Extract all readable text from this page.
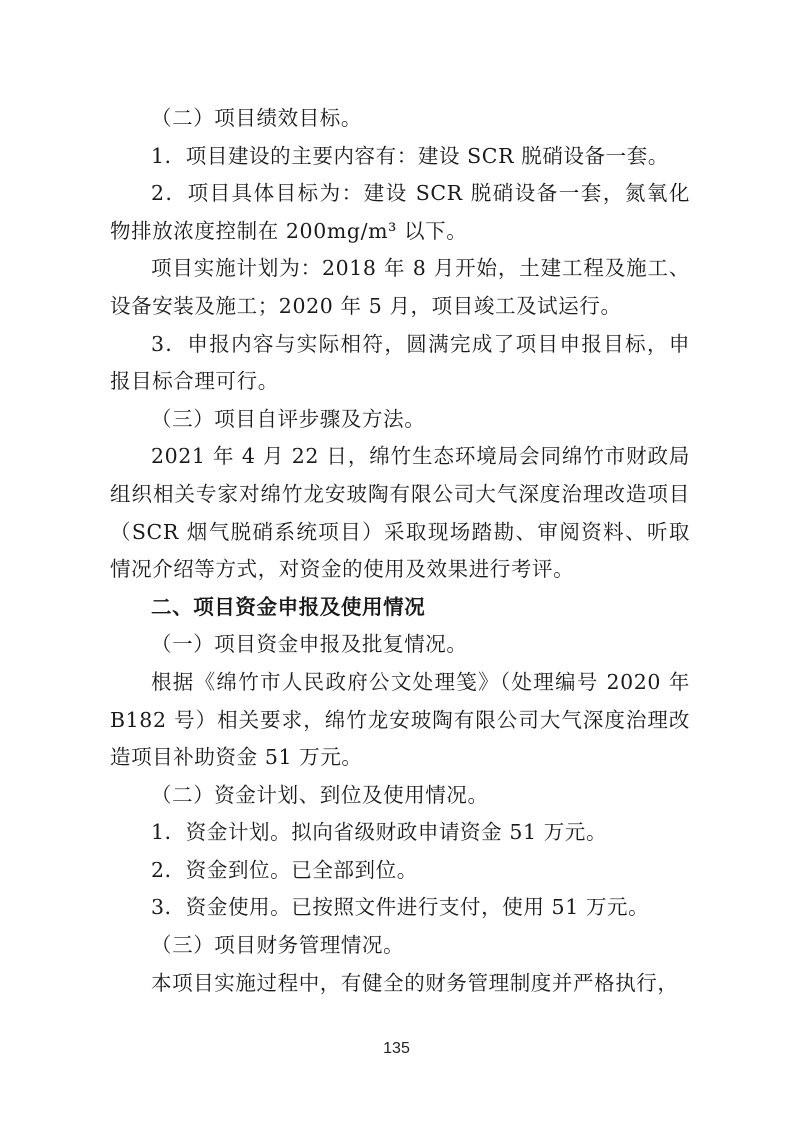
（二）项目绩效目标。

1．项目建设的主要内容有：建设 SCR 脱硝设备一套。

2．项目具体目标为：建设 SCR 脱硝设备一套，氮氧化物排放浓度控制在 200mg/m³ 以下。

项目实施计划为：2018 年 8 月开始，土建工程及施工、设备安装及施工；2020 年 5 月，项目竣工及试运行。

3．申报内容与实际相符，圆满完成了项目申报目标，申报目标合理可行。

（三）项目自评步骤及方法。

2021 年 4 月 22 日，绵竹生态环境局会同绵竹市财政局组织相关专家对绵竹龙安玻陶有限公司大气深度治理改造项目（SCR 烟气脱硝系统项目）采取现场踏勘、审阅资料、听取情况介绍等方式，对资金的使用及效果进行考评。

二、项目资金申报及使用情况

（一）项目资金申报及批复情况。

根据《绵竹市人民政府公文处理笺》（处理编号 2020 年 B182 号）相关要求，绵竹龙安玻陶有限公司大气深度治理改造项目补助资金 51 万元。

（二）资金计划、到位及使用情况。

1．资金计划。拟向省级财政申请资金 51 万元。

2．资金到位。已全部到位。

3．资金使用。已按照文件进行支付，使用 51 万元。

（三）项目财务管理情况。

本项目实施过程中，有健全的财务管理制度并严格执行，

135
